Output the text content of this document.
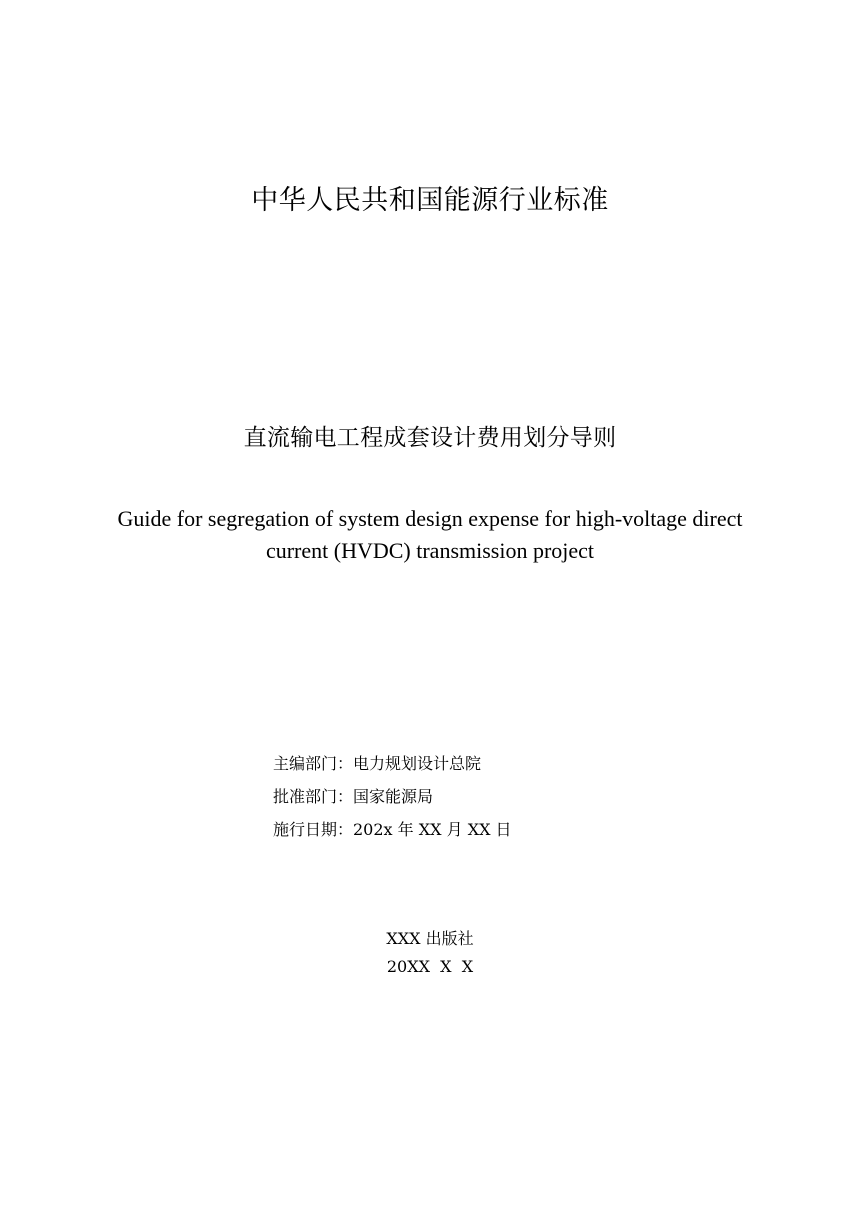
中华人民共和国能源行业标准
直流输电工程成套设计费用划分导则
Guide for segregation of system design expense for high-voltage direct
current (HVDC) transmission project
主编部门：电力规划设计总院
批准部门：国家能源局
施行日期：202x 年 XX 月 XX 日
XXX 出版社
20XX  X  X
